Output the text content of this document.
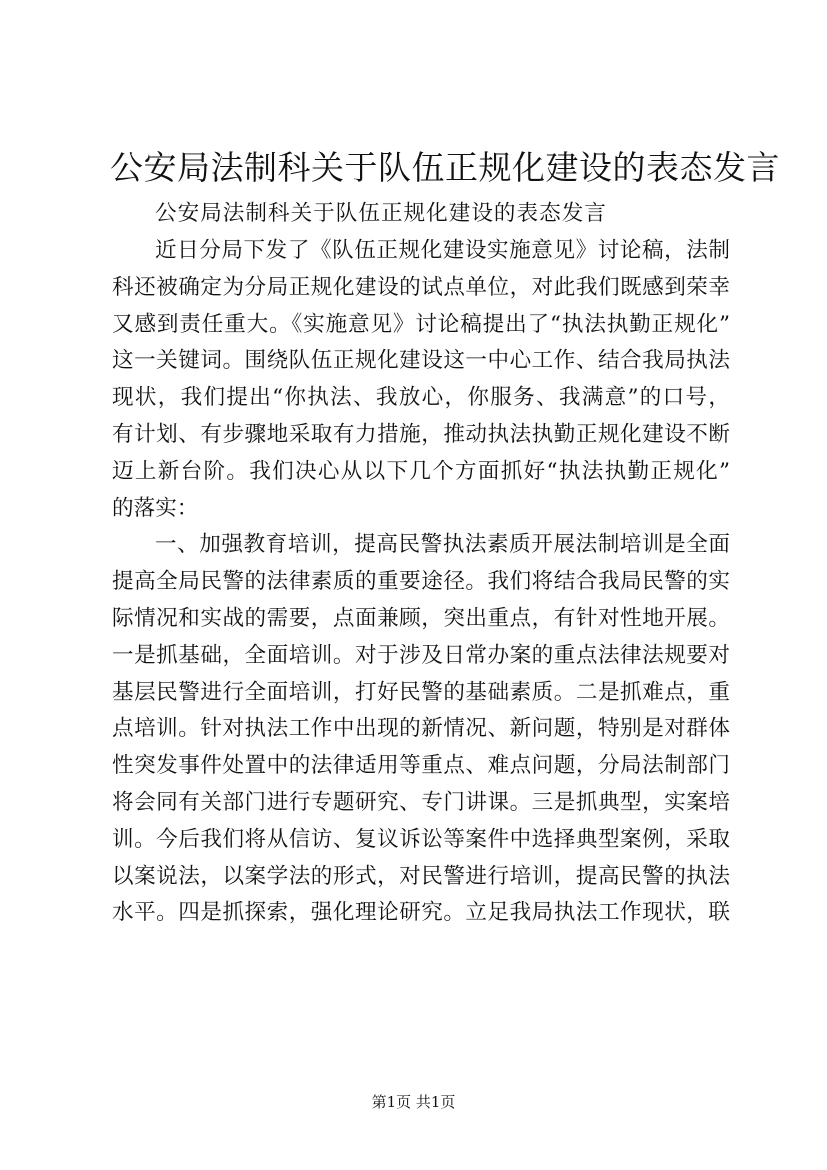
公安局法制科关于队伍正规化建设的表态发言
公安局法制科关于队伍正规化建设的表态发言
近日分局下发了《队伍正规化建设实施意见》讨论稿，法制
科还被确定为分局正规化建设的试点单位，对此我们既感到荣幸
又感到责任重大。《实施意见》讨论稿提出了“执法执勤正规化”
这一关键词。围绕队伍正规化建设这一中心工作、结合我局执法
现状，我们提出“你执法、我放心，你服务、我满意”的口号，
有计划、有步骤地采取有力措施，推动执法执勤正规化建设不断
迈上新台阶。我们决心从以下几个方面抓好“执法执勤正规化”
的落实：
一、加强教育培训，提高民警执法素质开展法制培训是全面
提高全局民警的法律素质的重要途径。我们将结合我局民警的实
际情况和实战的需要，点面兼顾，突出重点，有针对性地开展。
一是抓基础，全面培训。对于涉及日常办案的重点法律法规要对
基层民警进行全面培训，打好民警的基础素质。二是抓难点，重
点培训。针对执法工作中出现的新情况、新问题，特别是对群体
性突发事件处置中的法律适用等重点、难点问题，分局法制部门
将会同有关部门进行专题研究、专门讲课。三是抓典型，实案培
训。今后我们将从信访、复议诉讼等案件中选择典型案例，采取
以案说法，以案学法的形式，对民警进行培训，提高民警的执法
水平。四是抓探索，强化理论研究。立足我局执法工作现状，联
第1页 共1页
